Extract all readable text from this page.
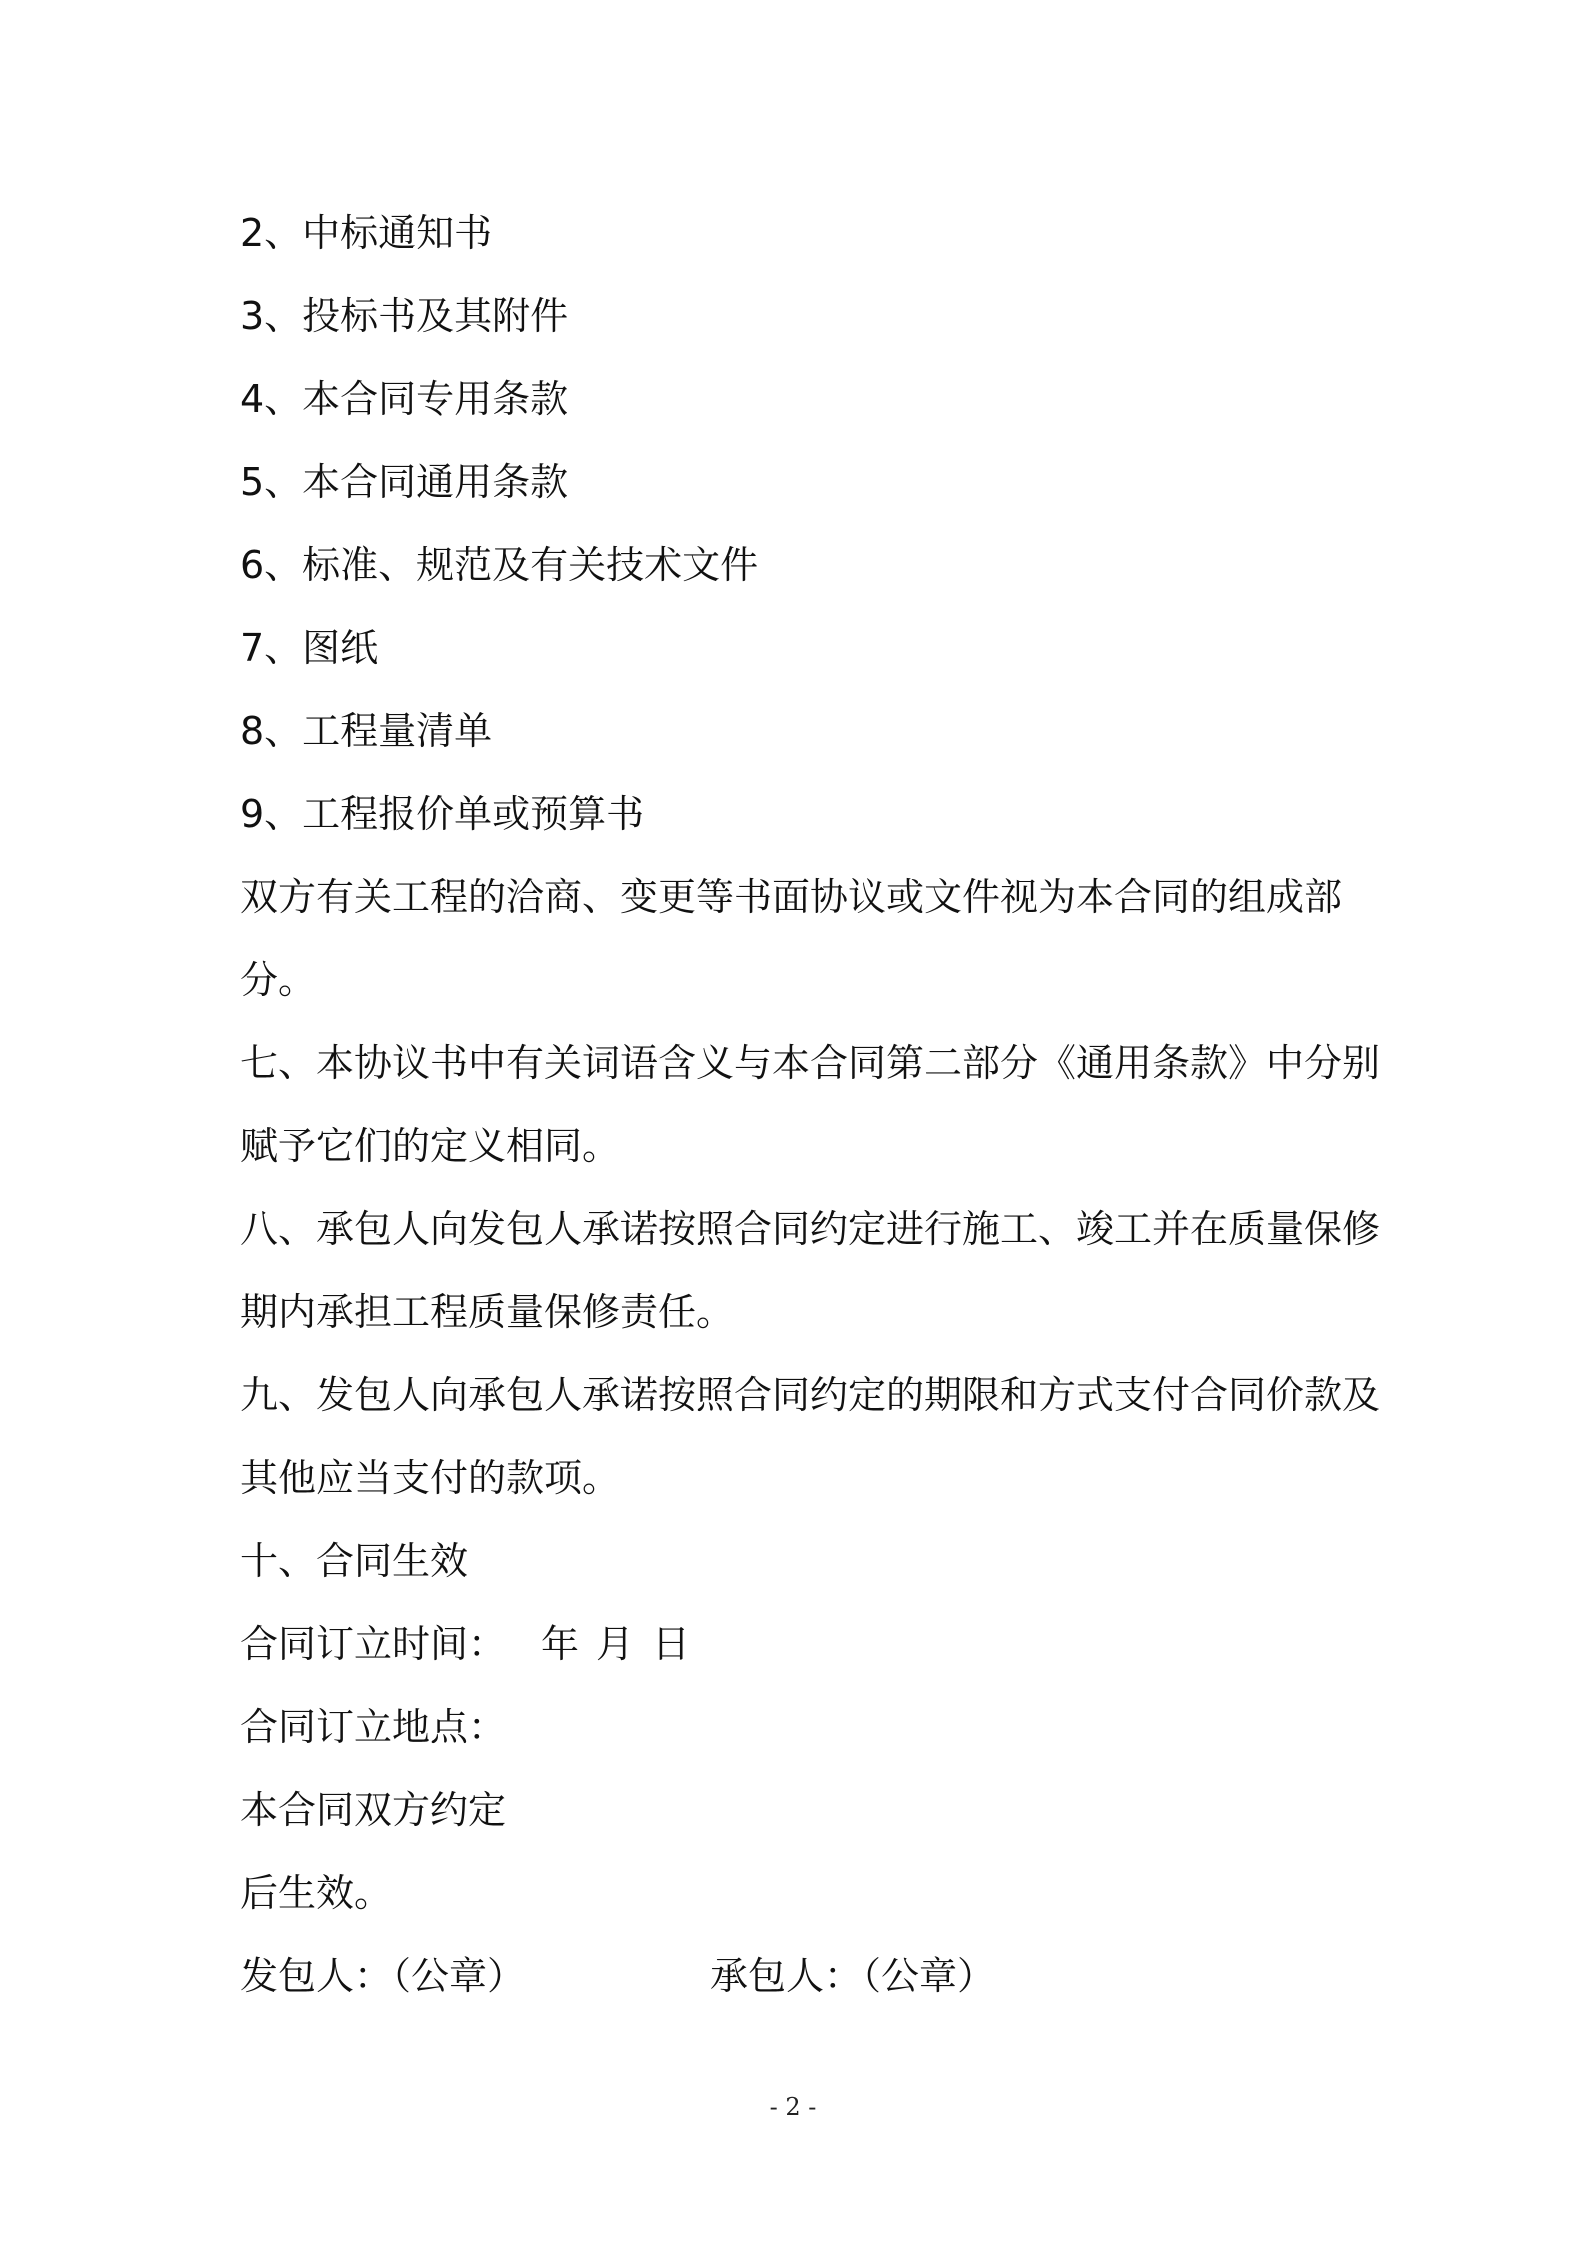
2、中标通知书
3、投标书及其附件
4、本合同专用条款
5、本合同通用条款
6、标准、规范及有关技术文件
7、图纸
8、工程量清单
9、工程报价单或预算书
双方有关工程的洽商、变更等书面协议或文件视为本合同的组成部
分。
七、本协议书中有关词语含义与本合同第二部分《通用条款》中分别
赋予它们的定义相同。
八、承包人向发包人承诺按照合同约定进行施工、竣工并在质量保修
期内承担工程质量保修责任。
九、发包人向承包人承诺按照合同约定的期限和方式支付合同价款及
其他应当支付的款项。
十、合同生效
合同订立时间： 年 月 日
合同订立地点：
本合同双方约定
后生效。
发包人：（公章）	承包人：（公章）
- 2 -
